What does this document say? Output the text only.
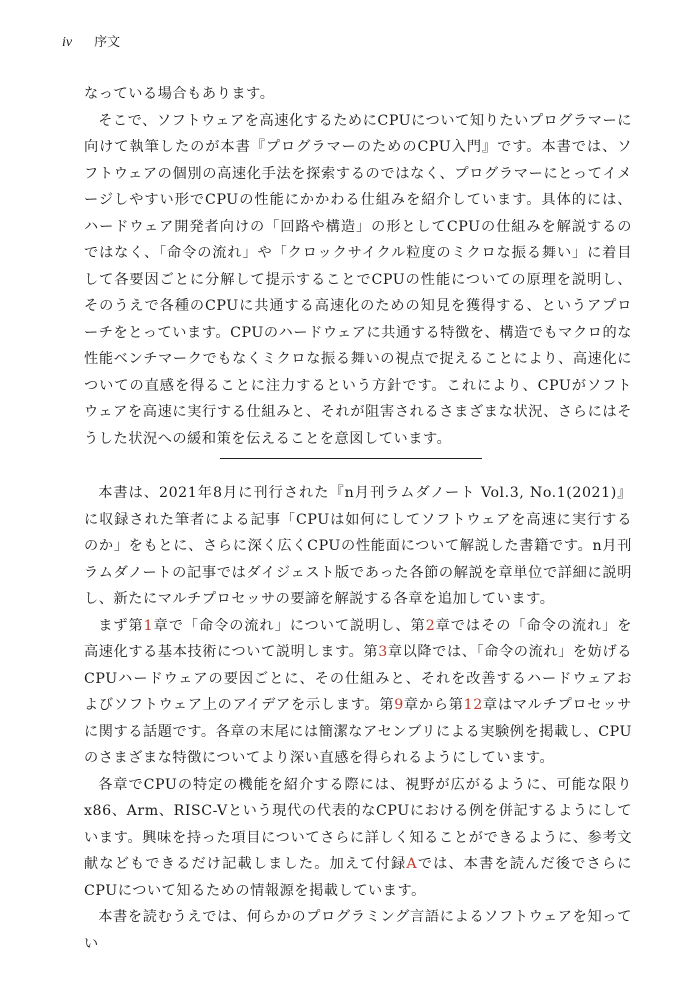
iv 序文

なっている場合もあります。

そこで、ソフトウェアを高速化するためにCPUについて知りたいプログラマーに向けて執筆したのが本書『プログラマーのためのCPU入門』です。本書では、ソフトウェアの個別の高速化手法を探索するのではなく、プログラマーにとってイメージしやすい形でCPUの性能にかかわる仕組みを紹介しています。具体的には、ハードウェア開発者向けの「回路や構造」の形としてCPUの仕組みを解説するのではなく、「命令の流れ」や「クロックサイクル粒度のミクロな振る舞い」に着目して各要因ごとに分解して提示することでCPUの性能についての原理を説明し、そのうえで各種のCPUに共通する高速化のための知見を獲得する、というアプローチをとっています。CPUのハードウェアに共通する特徴を、構造でもマクロ的な性能ベンチマークでもなくミクロな振る舞いの視点で捉えることにより、高速化についての直感を得ることに注力するという方針です。これにより、CPUがソフトウェアを高速に実行する仕組みと、それが阻害されるさまざまな状況、さらにはそうした状況への緩和策を伝えることを意図しています。

本書は、2021年8月に刊行された『n月刊ラムダノート Vol.3, No.1(2021)』に収録された筆者による記事「CPUは如何にしてソフトウェアを高速に実行するのか」をもとに、さらに深く広くCPUの性能面について解説した書籍です。n月刊ラムダノートの記事ではダイジェスト版であった各節の解説を章単位で詳細に説明し、新たにマルチプロセッサの要諦を解説する各章を追加しています。

まず第1章で「命令の流れ」について説明し、第2章ではその「命令の流れ」を高速化する基本技術について説明します。第3章以降では、「命令の流れ」を妨げるCPUハードウェアの要因ごとに、その仕組みと、それを改善するハードウェアおよびソフトウェア上のアイデアを示します。第9章から第12章はマルチプロセッサに関する話題です。各章の末尾には簡潔なアセンブリによる実験例を掲載し、CPUのさまざまな特徴についてより深い直感を得られるようにしています。

各章でCPUの特定の機能を紹介する際には、視野が広がるように、可能な限りx86、Arm、RISC-Vという現代の代表的なCPUにおける例を併記するようにしています。興味を持った項目についてさらに詳しく知ることができるように、参考文献などもできるだけ記載しました。加えて付録Aでは、本書を読んだ後でさらにCPUについて知るための情報源を掲載しています。

本書を読むうえでは、何らかのプログラミング言語によるソフトウェアを知ってい
